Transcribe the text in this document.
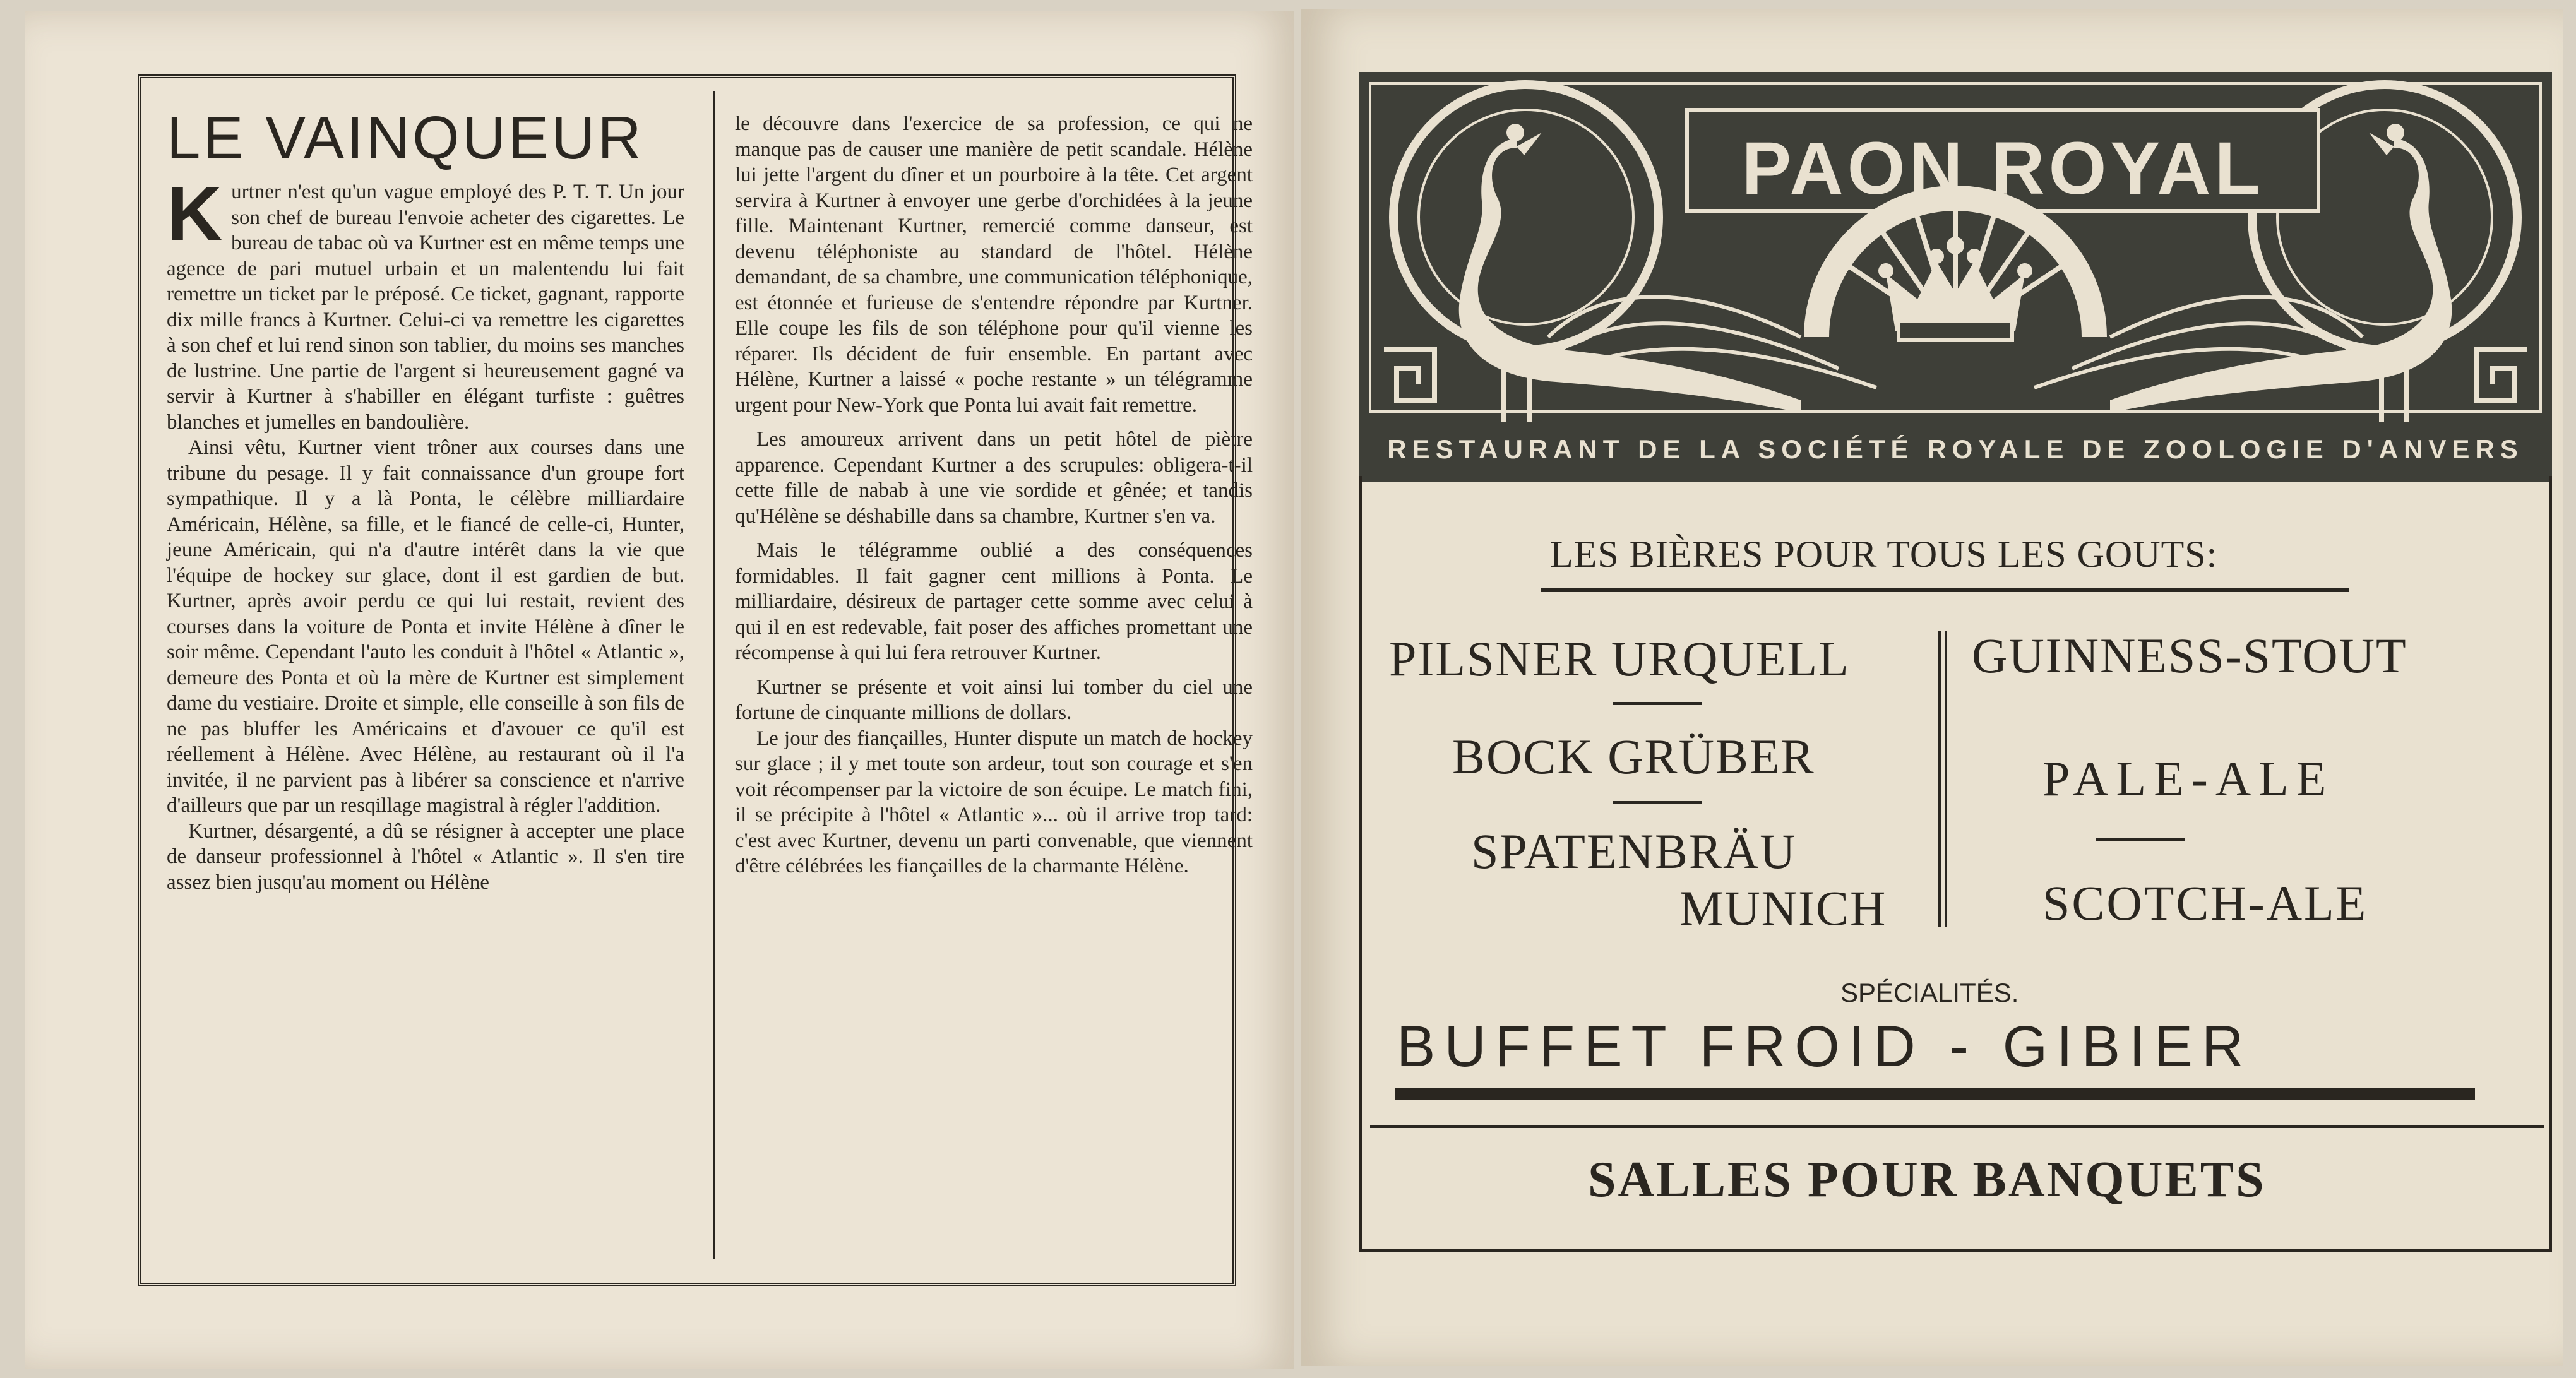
LE VAINQUEUR

Kurtner n'est qu'un vague employé des P. T. T. Un jour son chef de bureau l'envoie acheter des cigarettes. Le bureau de tabac où va Kurtner est en même temps une agence de pari mutuel urbain et un malentendu lui fait remettre un ticket par le préposé. Ce ticket, gagnant, rapporte dix mille francs à Kurtner. Celui-ci va remettre les cigarettes à son chef et lui rend sinon son tablier, du moins ses manches de lustrine. Une partie de l'argent si heureusement gagné va servir à Kurtner à s'habiller en élégant turfiste : guêtres blanches et jumelles en bandoulière.

Ainsi vêtu, Kurtner vient trôner aux courses dans une tribune du pesage. Il y fait connaissance d'un groupe fort sympathique. Il y a là Ponta, le célèbre milliardaire Américain, Hélène, sa fille, et le fiancé de celle-ci, Hunter, jeune Américain, qui n'a d'autre intérêt dans la vie que l'équipe de hockey sur glace, dont il est gardien de but. Kurtner, après avoir perdu ce qui lui restait, revient des courses dans la voiture de Ponta et invite Hélène à dîner le soir même. Cependant l'auto les conduit à l'hôtel « Atlantic », demeure des Ponta et où la mère de Kurtner est simplement dame du vestiaire. Droite et simple, elle conseille à son fils de ne pas bluffer les Américains et d'avouer ce qu'il est réellement à Hélène. Avec Hélène, au restaurant où il l'a invitée, il ne parvient pas à libérer sa conscience et n'arrive d'ailleurs que par un resqillage magistral à régler l'addition.

Kurtner, désargenté, a dû se résigner à accepter une place de danseur professionnel à l'hôtel « Atlantic ». Il s'en tire assez bien jusqu'au moment ou Hélène

le découvre dans l'exercice de sa profession, ce qui ne manque pas de causer une manière de petit scandale. Hélène lui jette l'argent du dîner et un pourboire à la tête. Cet argent servira à Kurtner à envoyer une gerbe d'orchidées à la jeune fille. Maintenant Kurtner, remercié comme danseur, est devenu téléphoniste au standard de l'hôtel. Hélène demandant, de sa chambre, une communication téléphonique, est étonnée et furieuse de s'entendre répondre par Kurtner. Elle coupe les fils de son téléphone pour qu'il vienne les réparer. Ils décident de fuir ensemble. En partant avec Hélène, Kurtner a laissé « poche restante » un télégramme urgent pour New-York que Ponta lui avait fait remettre.

Les amoureux arrivent dans un petit hôtel de piètre apparence. Cependant Kurtner a des scrupules: obligera-t-il cette fille de nabab à une vie sordide et gênée; et tandis qu'Hélène se déshabille dans sa chambre, Kurtner s'en va.

Mais le télégramme oublié a des conséquences formidables. Il fait gagner cent millions à Ponta. Le milliardaire, désireux de partager cette somme avec celui à qui il en est redevable, fait poser des affiches promettant une récompense à qui lui fera retrouver Kurtner.

Kurtner se présente et voit ainsi lui tomber du ciel une fortune de cinquante millions de dollars.

Le jour des fiançailles, Hunter dispute un match de hockey sur glace ; il y met toute son ardeur, tout son courage et s'en voit récompenser par la victoire de son écuipe. Le match fini, il se précipite à l'hôtel « Atlantic »... où il arrive trop tard: c'est avec Kurtner, devenu un parti convenable, que viennent d'être célébrées les fiançailles de la charmante Hélène.

PAON ROYAL
RESTAURANT DE LA SOCIÉTÉ ROYALE DE ZOOLOGIE D'ANVERS
LES BIÈRES POUR TOUS LES GOUTS:
PILSNER URQUELL
BOCK GRÜBER
SPATENBRÄU
MUNICH
GUINNESS-STOUT
PALE-ALE
SCOTCH-ALE
SPÉCIALITÉS.
BUFFET FROID - GIBIER
SALLES POUR BANQUETS
